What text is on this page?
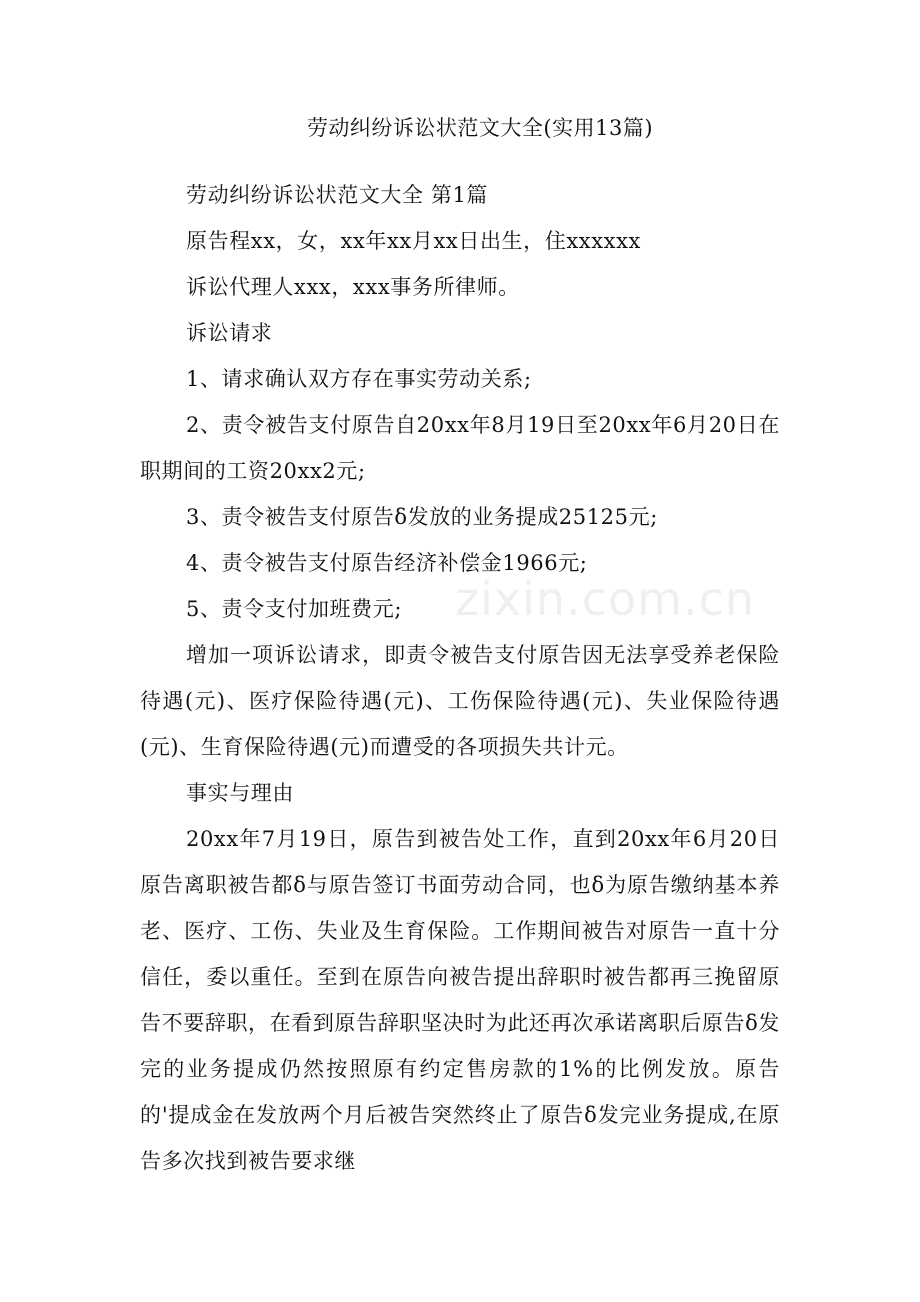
劳动纠纷诉讼状范文大全(实用13篇)

劳动纠纷诉讼状范文大全 第1篇

原告程xx，女，xx年xx月xx日出生，住xxxxxx

诉讼代理人xxx，xxx事务所律师。

诉讼请求

1、请求确认双方存在事实劳动关系;

2、责令被告支付原告自20xx年8月19日至20xx年6月20日在职期间的工资20xx2元;

3、责令被告支付原告δ发放的业务提成25125元;

4、责令被告支付原告经济补偿金1966元;

5、责令支付加班费元;

增加一项诉讼请求，即责令被告支付原告因无法享受养老保险待遇(元)、医疗保险待遇(元)、工伤保险待遇(元)、失业保险待遇(元)、生育保险待遇(元)而遭受的各项损失共计元。

事实与理由

20xx年7月19日，原告到被告处工作，直到20xx年6月20日原告离职被告都δ与原告签订书面劳动合同，也δ为原告缴纳基本养老、医疗、工伤、失业及生育保险。工作期间被告对原告一直十分信任，委以重任。至到在原告向被告提出辞职时被告都再三挽留原告不要辞职，在看到原告辞职坚决时为此还再次承诺离职后原告δ发完的业务提成仍然按照原有约定售房款的1%的比例发放。原告的'提成金在发放两个月后被告突然终止了原告δ发完业务提成,在原告多次找到被告要求继

zixin.com.cn
